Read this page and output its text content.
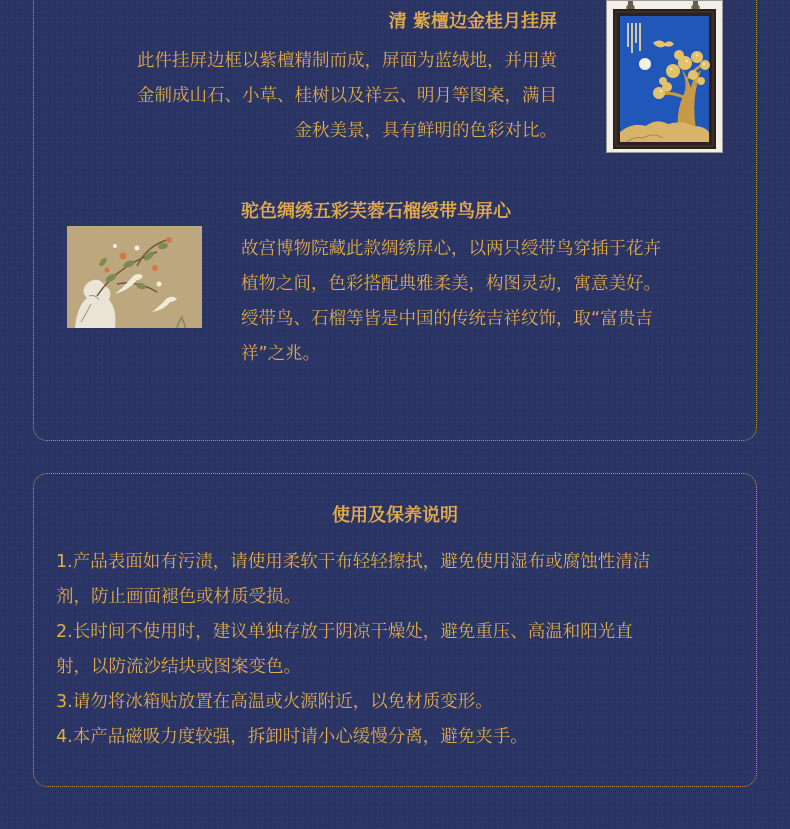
清 紫檀边金桂月挂屏
此件挂屏边框以紫檀精制而成，屏面为蓝绒地，并用黄
金制成山石、小草、桂树以及祥云、明月等图案，满目
金秋美景，具有鲜明的色彩对比。
驼色绸绣五彩芙蓉石榴绶带鸟屏心
故宫博物院藏此款绸绣屏心，以两只绶带鸟穿插于花卉
植物之间，色彩搭配典雅柔美，构图灵动，寓意美好。
绶带鸟、石榴等皆是中国的传统吉祥纹饰，取“富贵吉
祥”之兆。
使用及保养说明
1.产品表面如有污渍，请使用柔软干布轻轻擦拭，避免使用湿布或腐蚀性清洁
剂，防止画面褪色或材质受损。
2.长时间不使用时，建议单独存放于阴凉干燥处，避免重压、高温和阳光直
射，以防流沙结块或图案变色。
3.请勿将冰箱贴放置在高温或火源附近，以免材质变形。
4.本产品磁吸力度较强，拆卸时请小心缓慢分离，避免夹手。
